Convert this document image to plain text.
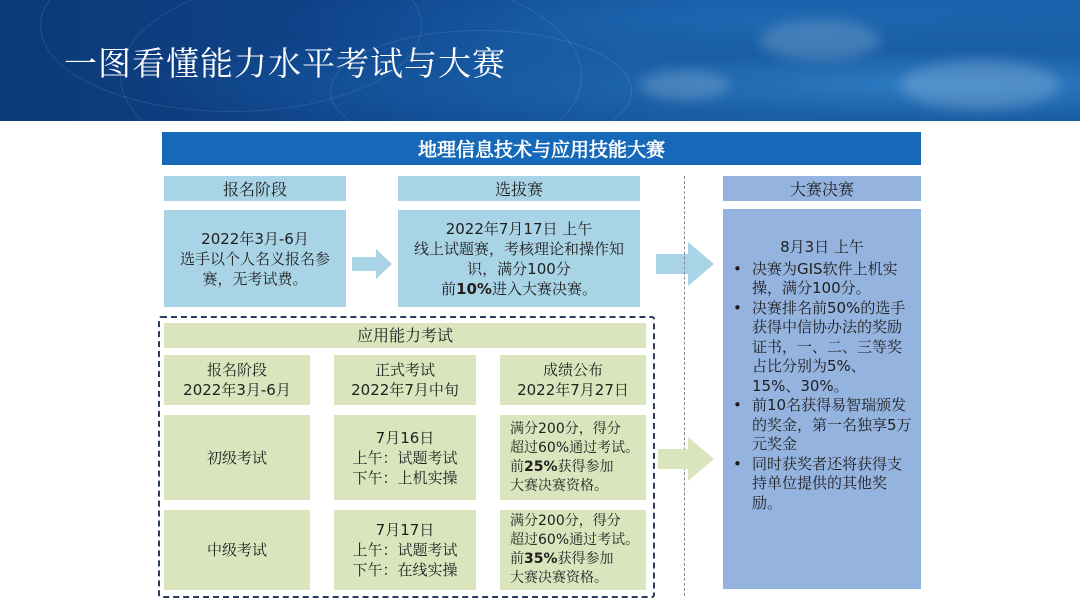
一图看懂能力水平考试与大赛
地理信息技术与应用技能大赛
报名阶段	选拔赛	大赛决赛
2022年3月-6月
选手以个人名义报名参
赛，无考试费。
2022年7月17日 上午
线上试题赛，考核理论和操作知
识，满分100分
前10%进入大赛决赛。
8月3日 上午
• 决赛为GIS软件上机实操，满分100分。
• 决赛排名前50%的选手获得中信协办法的奖励证书，一、二、三等奖占比分别为5%、15%、30%。
• 前10名获得易智瑞颁发的奖金，第一名独享5万元奖金
• 同时获奖者还将获得支持单位提供的其他奖励。
应用能力考试
报名阶段
2022年3月-6月
正式考试
2022年7月中旬
成绩公布
2022年7月27日
初级考试
7月16日
上午：试题考试
下午：上机实操
满分200分，得分
超过60%通过考试。
前25%获得参加
大赛决赛资格。
中级考试
7月17日
上午：试题考试
下午：在线实操
满分200分，得分
超过60%通过考试。
前35%获得参加
大赛决赛资格。
